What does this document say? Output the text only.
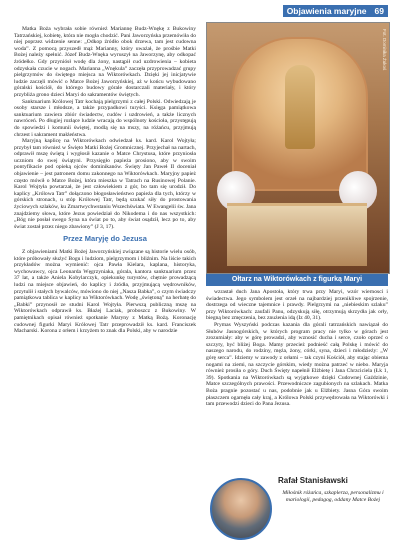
Objawienia maryjne 69

Matka Boża wybrała sobie również Mariannę Budz-Wnękę z Bukowiny Tatrzańskiej, kobietę, która nie mogła chodzić. Pani Jaworzyńska przemówiła do niej poprzez widzenie senne: „Odkop źródło obok drzewa, tam jest cudowna woda”. Z pomocą przyszedł mąż Marianny, który uważał, że prośbie Matki Bożej należy spełnić. Józef Budz-Wnęka wyruszył na Jaworzynę, aby odkopać źródełko. Gdy przyniósł wodę dla żony, nastąpił cud uzdrowienia – kobieta odzyskała czucie w nogach. Marianna „Wnękula” zaczęła przyprowadzać grupy pielgrzymów do świętego miejsca na Wiktorówkach. Dzięki jej inicjatywie ludzie zaczęli mówić o Matce Bożej Jaworzyńskiej, aż w końcu wybudowano góralski kościół, do którego budowy górale dostarczali materiały, i który przybliża grono dzieci Maryi do sakramentów świętych.

Sanktuarium Królowej Tatr kochają pielgrzymi z całej Polski. Odwiedzają je osoby starsze i młodsze, a także przypadkowi turyści. Księga pamiątkowa sanktuarium zawiera zbiór świadectw, cudów i uzdrowień, a także licznych nawróceń. Po długiej rozłące ludzie wracają do wspólnoty kościoła, przystępują do spowiedzi i komunii świętej, modlą się na mszy, na różańcu, przyjmują chrzest i sakrament małżeństwa.

Maryjną kaplicę na Wiktorówkach odwiedzał ks. kard. Karol Wojtyła; przybył tam również w Święto Matki Bożej Gromnicznej. Przyjechał na nartach, odprawił mszę świętą i wygłosił kazanie o Matce Chrystusa, które przyniosła uczniom do swej świątyni. Przysięgło papieża prosiono, aby w swoim pontyfikacie pod opieką ojców dominikanów. Święty Jan Paweł II doceniał objawienie – jest patronem domu zakonnego na Wiktorówkach. Maryjny papież często mówił o Matce Bożej, która mieszka w Tatrach na Rusinowej Polanie. Karol Wojtyła powtarzał, że jest człowiekiem z gór, bo tam się urodził. Do kaplicy „Królowa Tatr” dołączono błogosławieństwo papieża dla tych, którzy w górskich stronach, u stóp Królowej Tatr, będą szukać siły do prostowania życiowych szlaków, ku Zmartwychwstaniu Wszechświata. W Ewangelii św. Jana znajdziemy słowa, które Jezus powiedział do Nikodema i do nas wszystkich: „Bóg nie posłał swego Syna na świat po to, aby świat osądził, lecz po to, aby świat został przez niego zbawiony” (J 3, 17).

Przez Maryję do Jezusa

Z objawieniami Matki Bożej Jaworzyńskiej związane są historie wielu osób, które próbowały służyć Bogu i ludziom, pielgrzymom i bliźnim. Na liście takich przykładów można wymienić: ojca Pawła Kielara, kaplana, historyka, wychowawcy, ojca Leonarda Węgrzyniaka, górala, kantora sanktuarium przez 37 lat, a także Aniela Kobylarczyk, opiekunkę turystów, chętnie prowadzącą ludzi na miejsce objawień, do kaplicy i źródła, przyjmującą wędrowników, przytulił i stałych bywalców, mówiono do niej „Nasza Babka”, o czym świadczy pamiątkowa tablica w kaplicy na Wiktorówkach. Wodę „świętoną” na herbatę do „Babki” przynosił ze studni Karol Wojtyła. Pierwszą publiczną mszę na Wiktorówkach odprawił ks. Błażej Laciak, proboszcz z Bukowiny. W pamiętnikach opisał również spotkanie Maryny z Matką Bożą. Koronację cudownej figurki Maryi Królowej Tatr przeprowadził ks. kard. Franciszek Macharski. Korona z orłem i krzyżem to znak dla Polski, aby w narodzie

Fot. Dominika Żukoś
Ołtarz na Wiktorówkach z figurką Maryi

wzrastał duch Jana Apostoła, który trwa przy Maryi, wzór wiernosci i świadectwa. Jego symbolem jest orzeł na najbardziej przenikliwe spojrzenie, dostrzega od wieczne tajemnice i prawdy. Pielgrzymi na „niebieskim szlaku” przy Wiktorówkach: zaufali Panu, odzyskują siłę, otrzymują skrzydła jak orły, biegną bez zmęczenia, bez znużenia idą (Iz 40, 31).

Prymas Wyszyński podczas kazania dla górali tatrzańskich nawiązał do Słubów Jasnogórskich, w których program pracy nie tylko w górach jest zrozumiały: aby w górę prowadzi, aby wznosić ducha i serce, czoło oprzeć o szczyty, być bliżej Boga. Mamy przecież podnieść całą Polskę i mówić do naszego narodu, do rodziny, męża, żony, córki, syna, dzieci i młodzieży: „W górę serca”. Idziemy w zawody z orłami – tak czyni Kościół, aby stając obiema nogami na ziemi, na szczycie górskim, wiedy można patrzeć w niebo. Maryja również prosiła o góry. Duch Święty napełnił Elżbietę i Jana Chrzciciela (Łk 1, 39). Spotkania na Wiktorówkach są wyjątkowe dzięki Cudownej Gaździnie, Matce szczególnych prawości. Przewodniczce zagubionych na szlakach. Matka Boża pragnie pozostać u nas, podobnie jak u Elżbiety. Jasna Góra swoim płaszczem ogarnęła cały kraj, a Królowa Polski przywędrowała na Wiktorówki i tam przewodzi dzieci do Pana Jezusa.

Rafał Stanisławski
Miłośnik różańca, szkaplerza, personalizmu i mariologii, pedagog, oddany Matce Bożej
